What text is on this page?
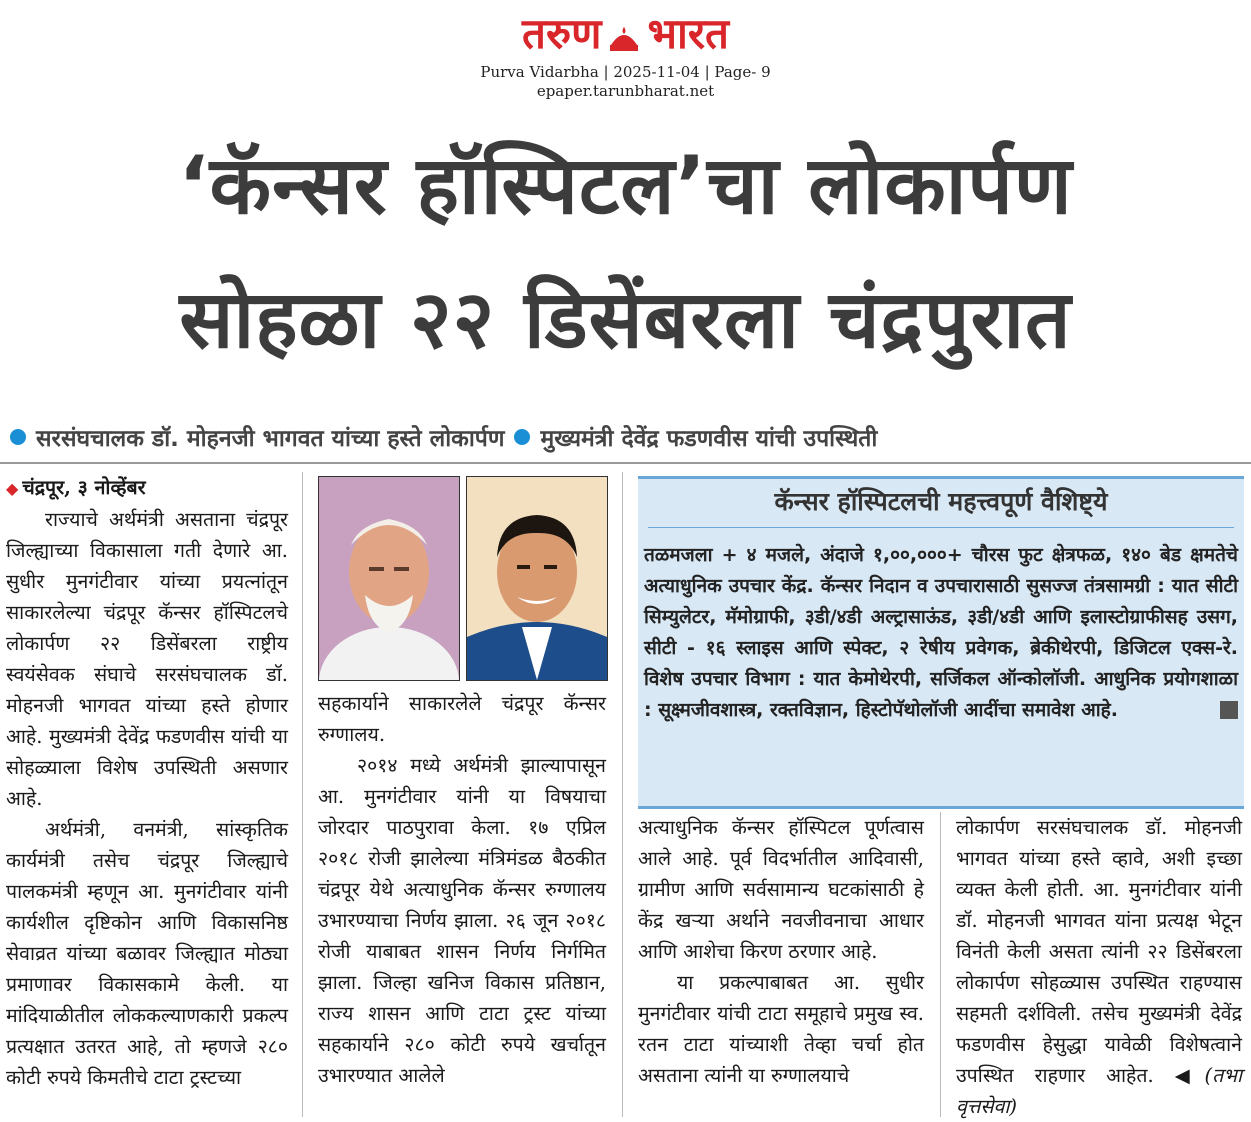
तरुण भारत
Purva Vidarbha | 2025-11-04 | Page- 9
epaper.tarunbharat.net
‘कॅन्सर हॉस्पिटल’चा लोकार्पण
सोहळा २२ डिसेंबरला चंद्रपुरात
सरसंघचालक डॉ. मोहनजी भागवत यांच्या हस्ते लोकार्पण मुख्यमंत्री देवेंद्र फडणवीस यांची उपस्थिती

◆ चंद्रपूर, ३ नोव्हेंबर

राज्याचे अर्थमंत्री असताना चंद्रपूर जिल्ह्याच्या विकासाला गती देणारे आ. सुधीर मुनगंटीवार यांच्या प्रयत्नांतून साकारलेल्या चंद्रपूर कॅन्सर हॉस्पिटलचे लोकार्पण २२ डिसेंबरला राष्ट्रीय स्वयंसेवक संघाचे सरसंघचालक डॉ. मोहनजी भागवत यांच्या हस्ते होणार आहे. मुख्यमंत्री देवेंद्र फडणवीस यांची या सोहळ्याला विशेष उपस्थिती असणार आहे.

अर्थमंत्री, वनमंत्री, सांस्कृतिक कार्यमंत्री तसेच चंद्रपूर जिल्ह्याचे पालकमंत्री म्हणून आ. मुनगंटीवार यांनी कार्यशील दृष्टिकोन आणि विकासनिष्ठ सेवाव्रत यांच्या बळावर जिल्ह्यात मोठ्या प्रमाणावर विकासकामे केली. या मांदियाळीतील लोककल्याणकारी प्रकल्प प्रत्यक्षात उतरत आहे, तो म्हणजे २८० कोटी रुपये किमतीचे टाटा ट्रस्टच्या

सहकार्याने साकारलेले चंद्रपूर कॅन्सर रुग्णालय.

२०१४ मध्ये अर्थमंत्री झाल्यापासून आ. मुनगंटीवार यांनी या विषयाचा जोरदार पाठपुरावा केला. १७ एप्रिल २०१८ रोजी झालेल्या मंत्रिमंडळ बैठकीत चंद्रपूर येथे अत्याधुनिक कॅन्सर रुग्णालय उभारण्याचा निर्णय झाला. २६ जून २०१८ रोजी याबाबत शासन निर्णय निर्गमित झाला. जिल्हा खनिज विकास प्रतिष्ठान, राज्य शासन आणि टाटा ट्रस्ट यांच्या सहकार्याने २८० कोटी रुपये खर्चातून उभारण्यात आलेले

कॅन्सर हॉस्पिटलची महत्त्वपूर्ण वैशिष्ट्ये
तळमजला + ४ मजले, अंदाजे १,००,०००+ चौरस फुट क्षेत्रफळ, १४० बेड क्षमतेचे अत्याधुनिक उपचार केंद्र. कॅन्सर निदान व उपचारासाठी सुसज्ज तंत्रसामग्री : यात सीटी सिम्युलेटर, मॅमोग्राफी, ३डी/४डी अल्ट्रासाऊंड, ३डी/४डी आणि इलास्टोग्राफीसह उसग, सीटी - १६ स्लाइस आणि स्पेक्ट, २ रेषीय प्रवेगक, ब्रेकीथेरपी, डिजिटल एक्स-रे. विशेष उपचार विभाग : यात केमोथेरपी, सर्जिकल ऑन्कोलॉजी. आधुनिक प्रयोगशाळा : सूक्ष्मजीवशास्त्र, रक्तविज्ञान, हिस्टोपॅथोलॉजी आदींचा समावेश आहे.

अत्याधुनिक कॅन्सर हॉस्पिटल पूर्णत्वास आले आहे. पूर्व विदर्भातील आदिवासी, ग्रामीण आणि सर्वसामान्य घटकांसाठी हे केंद्र खऱ्या अर्थाने नवजीवनाचा आधार आणि आशेचा किरण ठरणार आहे.

या प्रकल्पाबाबत आ. सुधीर मुनगंटीवार यांची टाटा समूहाचे प्रमुख स्व. रतन टाटा यांच्याशी तेव्हा चर्चा होत असताना त्यांनी या रुग्णालयाचे

लोकार्पण सरसंघचालक डॉ. मोहनजी भागवत यांच्या हस्ते व्हावे, अशी इच्छा व्यक्त केली होती. आ. मुनगंटीवार यांनी डॉ. मोहनजी भागवत यांना प्रत्यक्ष भेटून विनंती केली असता त्यांनी २२ डिसेंबरला लोकार्पण सोहळ्यास उपस्थित राहण्यास सहमती दर्शविली. तसेच मुख्यमंत्री देवेंद्र फडणवीस हेसुद्धा यावेळी विशेषत्वाने उपस्थित राहणार आहेत. ◀(तभा वृत्तसेवा)
